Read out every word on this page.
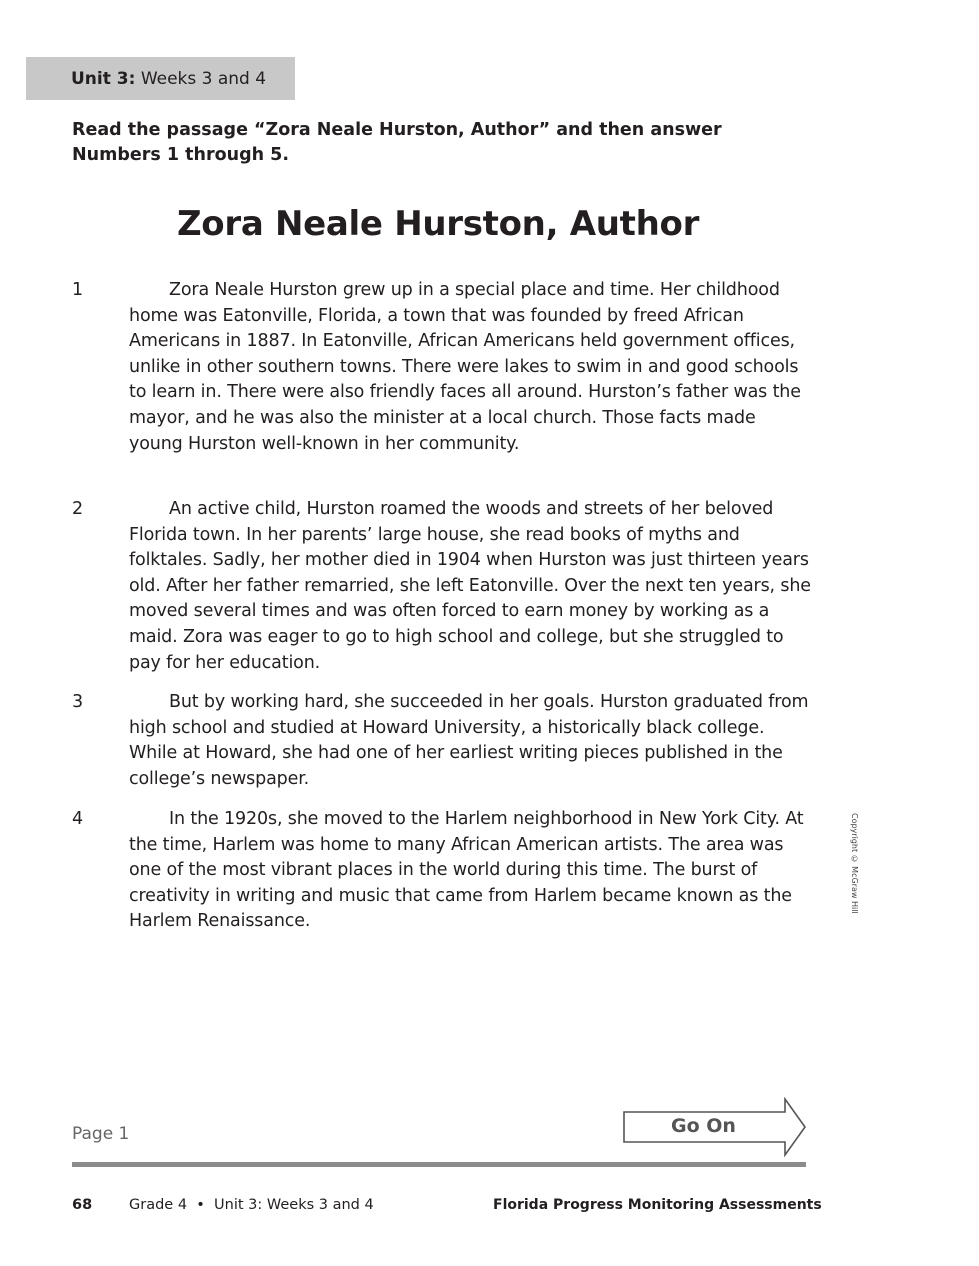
Unit 3: Weeks 3 and 4
Read the passage “Zora Neale Hurston, Author” and then answer Numbers 1 through 5.
Zora Neale Hurston, Author
1	Zora Neale Hurston grew up in a special place and time. Her childhood home was Eatonville, Florida, a town that was founded by freed African Americans in 1887. In Eatonville, African Americans held government offices, unlike in other southern towns. There were lakes to swim in and good schools to learn in. There were also friendly faces all around. Hurston’s father was the mayor, and he was also the minister at a local church. Those facts made young Hurston well-known in her community.
2	An active child, Hurston roamed the woods and streets of her beloved Florida town. In her parents’ large house, she read books of myths and folktales. Sadly, her mother died in 1904 when Hurston was just thirteen years old. After her father remarried, she left Eatonville. Over the next ten years, she moved several times and was often forced to earn money by working as a maid. Zora was eager to go to high school and college, but she struggled to pay for her education.
3	But by working hard, she succeeded in her goals. Hurston graduated from high school and studied at Howard University, a historically black college. While at Howard, she had one of her earliest writing pieces published in the college’s newspaper.
4	In the 1920s, she moved to the Harlem neighborhood in New York City. At the time, Harlem was home to many African American artists. The area was one of the most vibrant places in the world during this time. The burst of creativity in writing and music that came from Harlem became known as the Harlem Renaissance.
Copyright © McGraw Hill
Page 1	Go On
68	Grade 4  •  Unit 3: Weeks 3 and 4	Florida Progress Monitoring Assessments
